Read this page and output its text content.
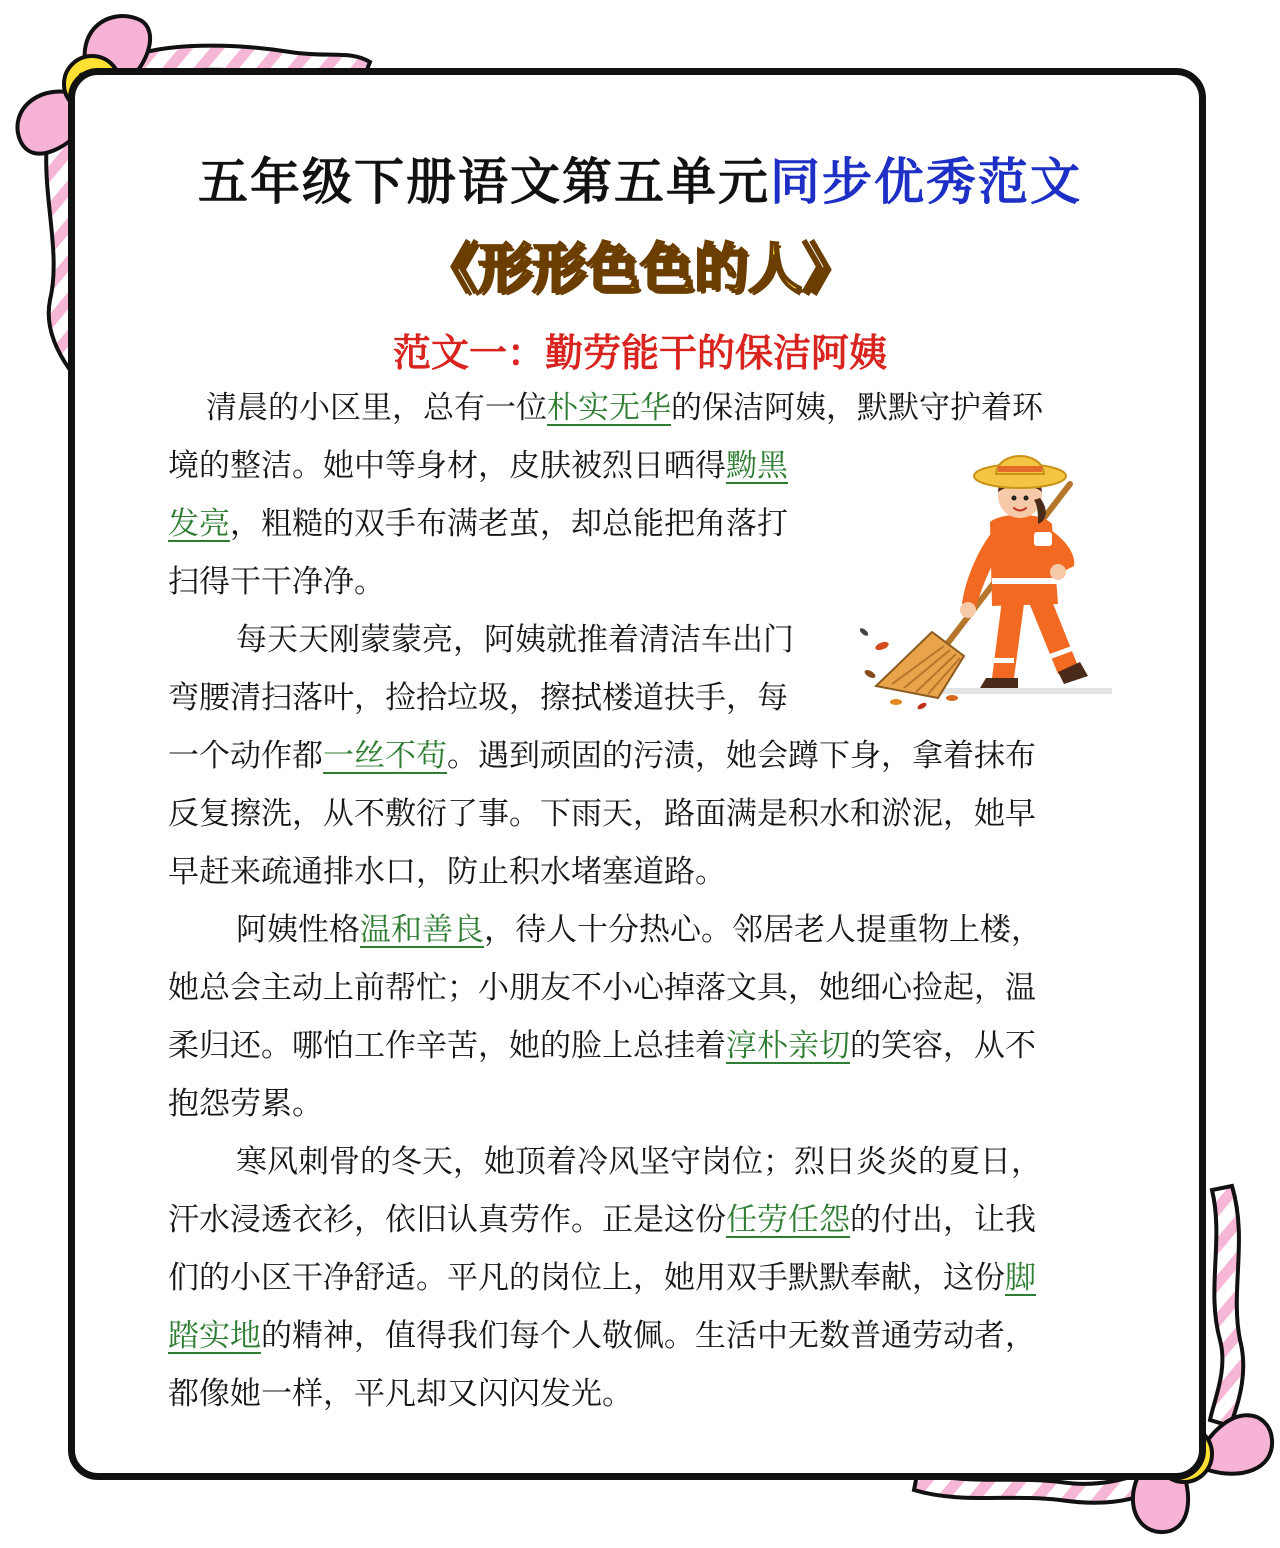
五年级下册语文第五单元同步优秀范文
《形形色色的人》
范文一：勤劳能干的保洁阿姨
清晨的小区里，总有一位朴实无华的保洁阿姨，默默守护着环
境的整洁。她中等身材，皮肤被烈日晒得黝黑
发亮，粗糙的双手布满老茧，却总能把角落打
扫得干干净净。
每天天刚蒙蒙亮，阿姨就推着清洁车出门
弯腰清扫落叶，捡拾垃圾，擦拭楼道扶手，每
一个动作都一丝不苟。遇到顽固的污渍，她会蹲下身，拿着抹布
反复擦洗，从不敷衍了事。下雨天，路面满是积水和淤泥，她早
早赶来疏通排水口，防止积水堵塞道路。
阿姨性格温和善良，待人十分热心。邻居老人提重物上楼，
她总会主动上前帮忙；小朋友不小心掉落文具，她细心捡起，温
柔归还。哪怕工作辛苦，她的脸上总挂着淳朴亲切的笑容，从不
抱怨劳累。
寒风刺骨的冬天，她顶着冷风坚守岗位；烈日炎炎的夏日，
汗水浸透衣衫，依旧认真劳作。正是这份任劳任怨的付出，让我
们的小区干净舒适。平凡的岗位上，她用双手默默奉献，这份脚
踏实地的精神，值得我们每个人敬佩。生活中无数普通劳动者，
都像她一样，平凡却又闪闪发光。
